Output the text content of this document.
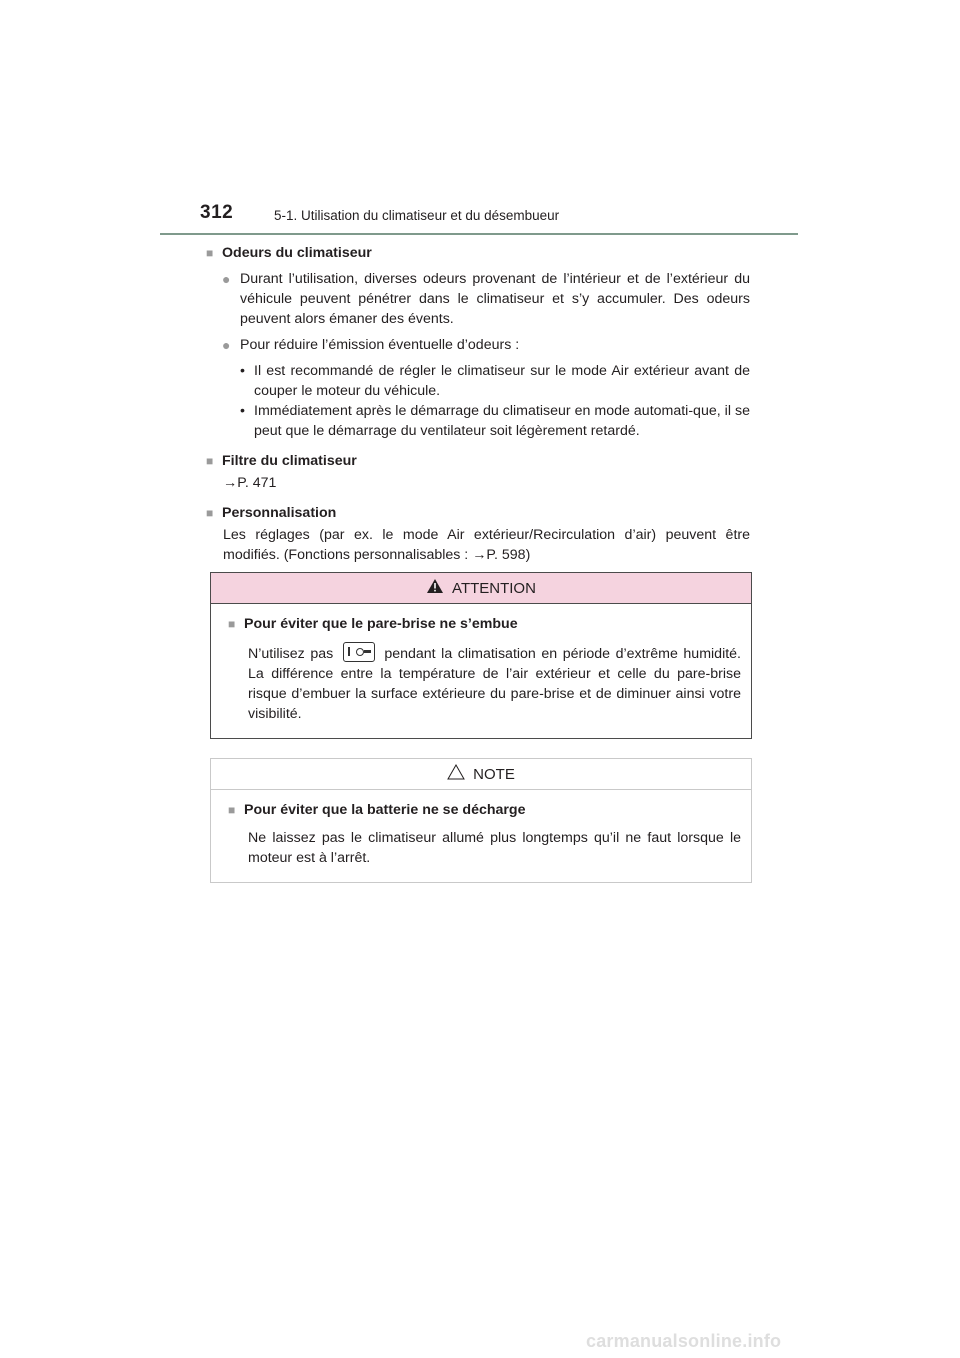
312	5-1. Utilisation du climatiseur et du désembueur
■ Odeurs du climatiseur
● Durant l’utilisation, diverses odeurs provenant de l’intérieur et de l’extérieur du véhicule peuvent pénétrer dans le climatiseur et s’y accumuler. Des odeurs peuvent alors émaner des évents.
● Pour réduire l’émission éventuelle d’odeurs :
• Il est recommandé de régler le climatiseur sur le mode Air extérieur avant de couper le moteur du véhicule.
• Immédiatement après le démarrage du climatiseur en mode automati-que, il se peut que le démarrage du ventilateur soit légèrement retardé.
■ Filtre du climatiseur
→P. 471
■ Personnalisation
Les réglages (par ex. le mode Air extérieur/Recirculation d’air) peuvent être modifiés. (Fonctions personnalisables : →P. 598)
ATTENTION
■ Pour éviter que le pare-brise ne s’embue
N’utilisez pas	pendant la climatisation en période d’extrême humidité. La différence entre la température de l’air extérieur et celle du pare-brise risque d’embuer la surface extérieure du pare-brise et de diminuer ainsi votre visibilité.
NOTE
■ Pour éviter que la batterie ne se décharge
Ne laissez pas le climatiseur allumé plus longtemps qu’il ne faut lorsque le moteur est à l’arrêt.
carmanualsonline.info
